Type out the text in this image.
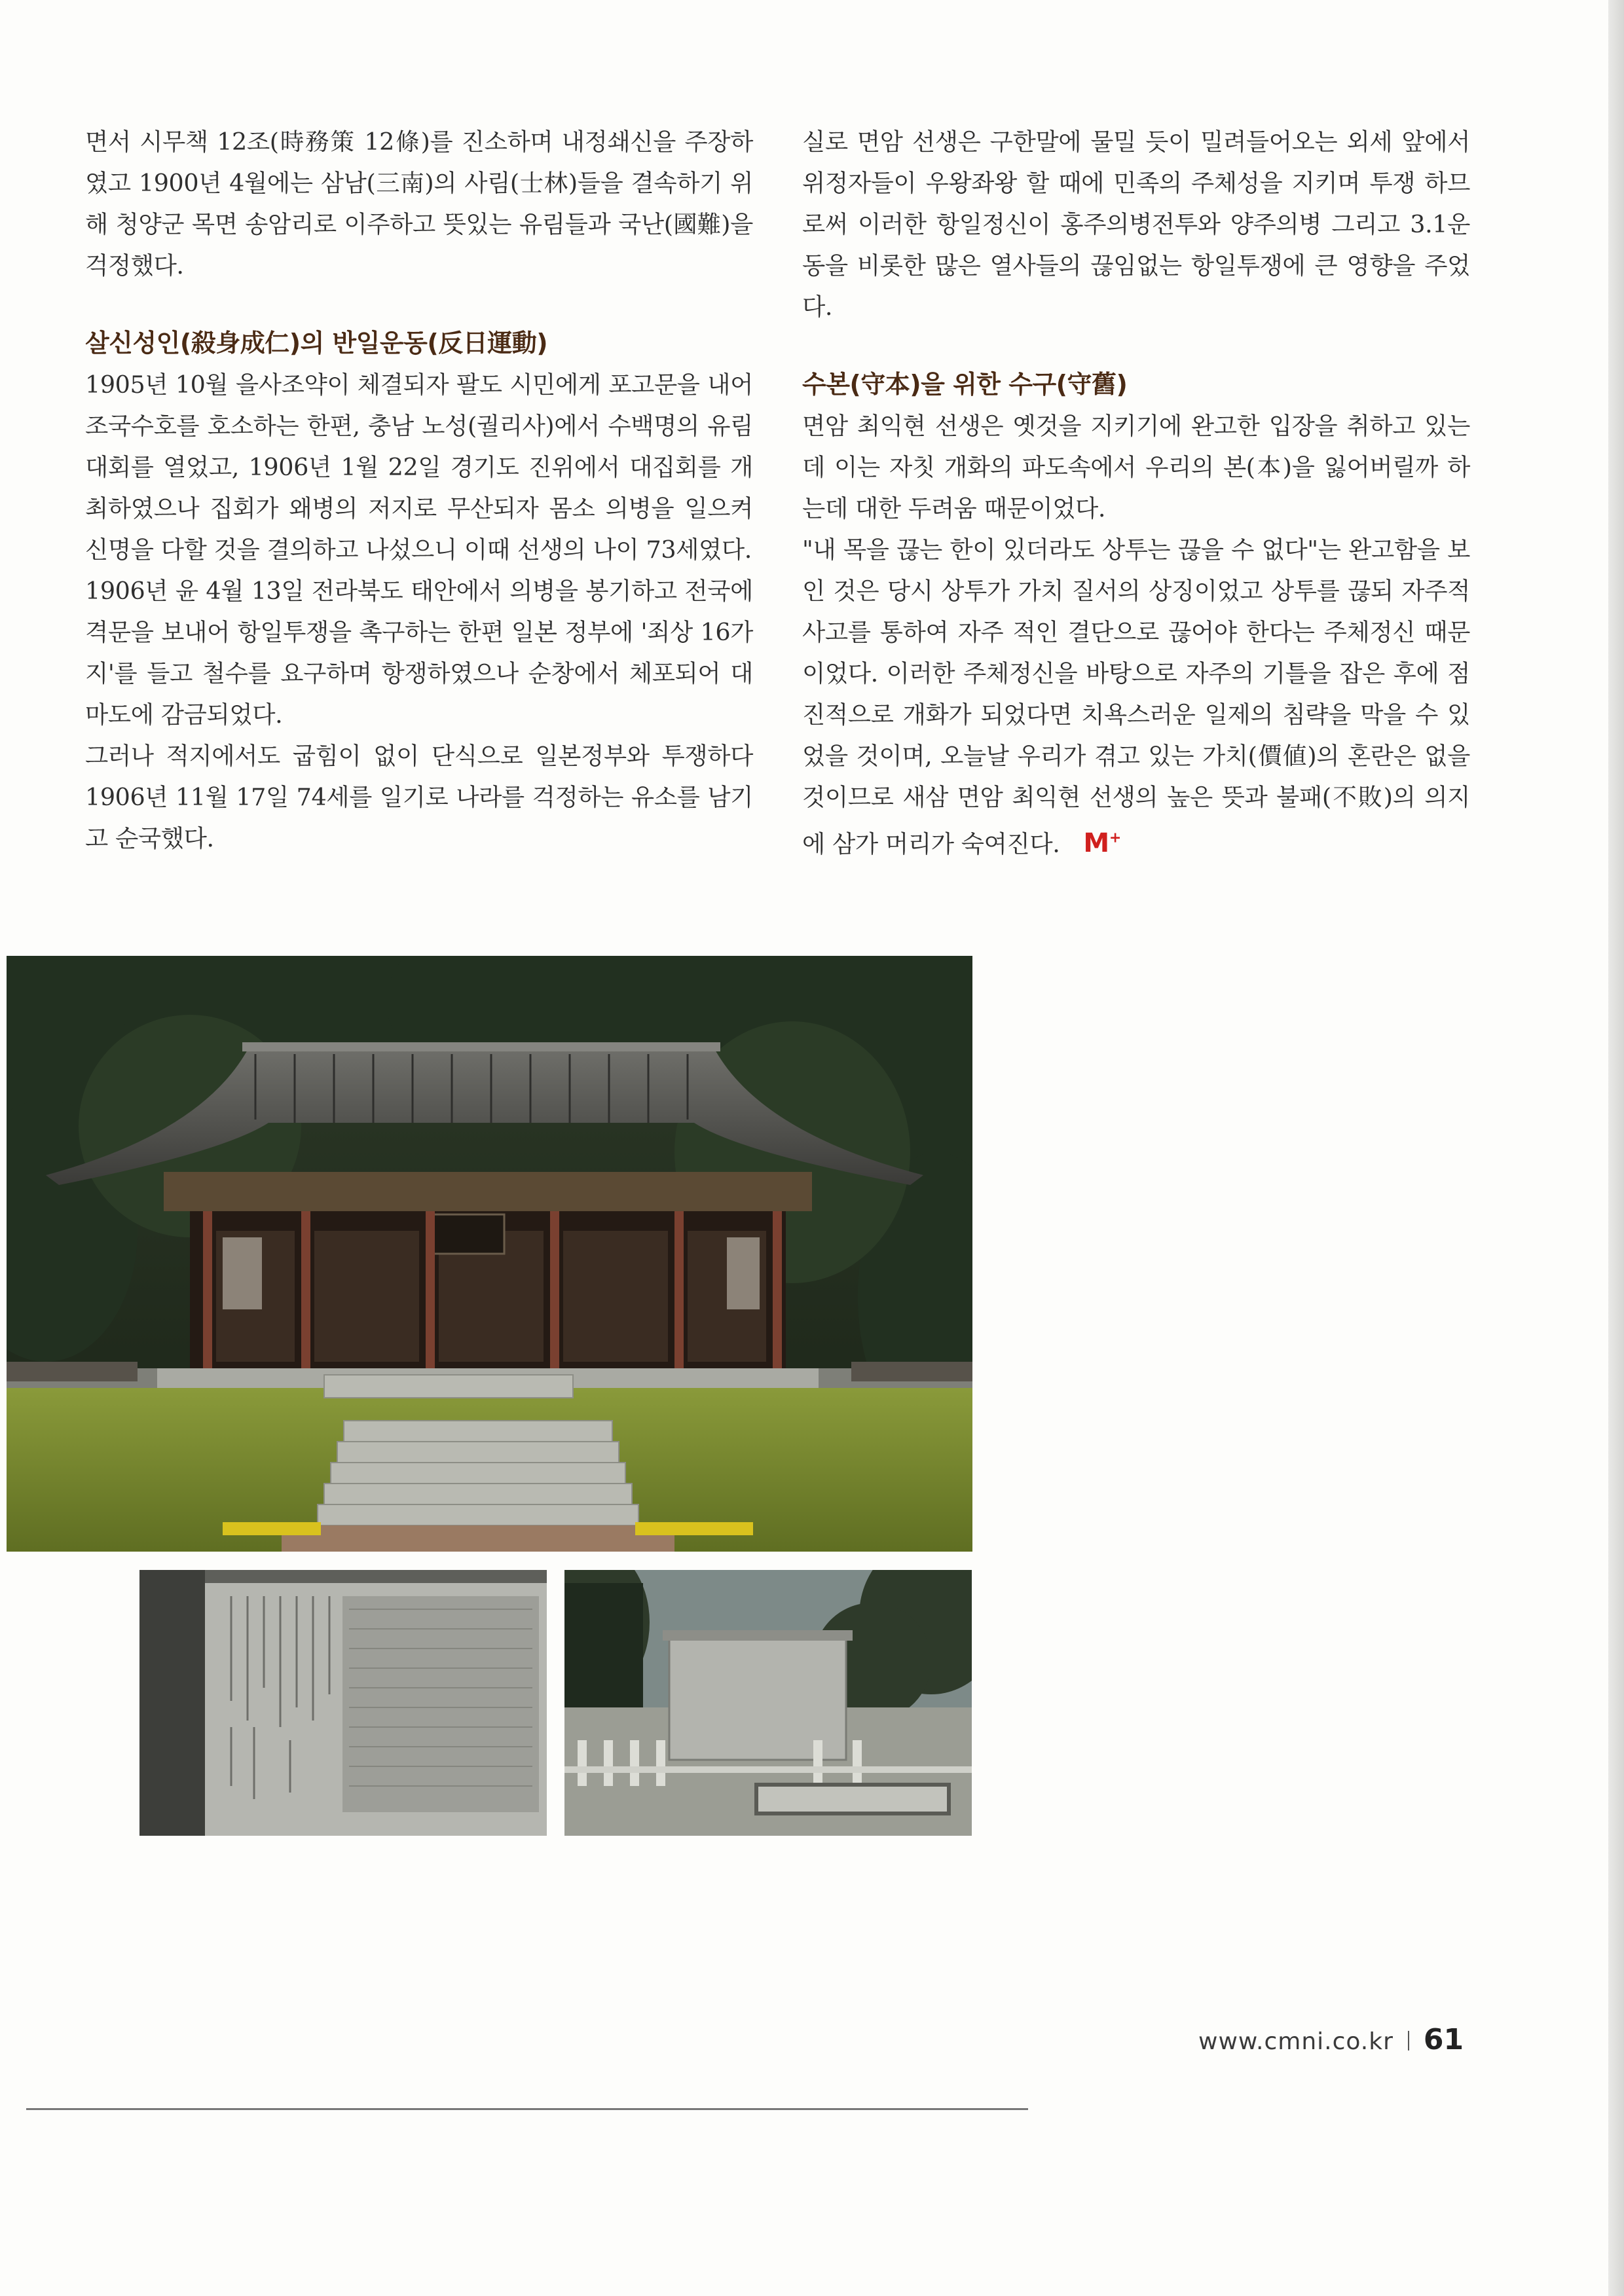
면서 시무책 12조(時務策 12條)를 진소하며 내정쇄신을 주장하였고 1900년 4월에는 삼남(三南)의 사림(士林)들을 결속하기 위해 청양군 목면 송암리로 이주하고 뜻있는 유림들과 국난(國難)을 걱정했다.

살신성인(殺身成仁)의 반일운동(反日運動)

1905년 10월 을사조약이 체결되자 팔도 시민에게 포고문을 내어 조국수호를 호소하는 한편, 충남 노성(궐리사)에서 수백명의 유림대회를 열었고, 1906년 1월 22일 경기도 진위에서 대집회를 개최하였으나 집회가 왜병의 저지로 무산되자 몸소 의병을 일으켜 신명을 다할 것을 결의하고 나섰으니 이때 선생의 나이 73세였다.

1906년 윤 4월 13일 전라북도 태안에서 의병을 봉기하고 전국에 격문을 보내어 항일투쟁을 촉구하는 한편 일본 정부에 '죄상 16가지'를 들고 철수를 요구하며 항쟁하였으나 순창에서 체포되어 대마도에 감금되었다.

그러나 적지에서도 굽힘이 없이 단식으로 일본정부와 투쟁하다 1906년 11월 17일 74세를 일기로 나라를 걱정하는 유소를 남기고 순국했다.

실로 면암 선생은 구한말에 물밀 듯이 밀려들어오는 외세 앞에서 위정자들이 우왕좌왕 할 때에 민족의 주체성을 지키며 투쟁 하므로써 이러한 항일정신이 홍주의병전투와 양주의병 그리고 3.1운동을 비롯한 많은 열사들의 끊임없는 항일투쟁에 큰 영향을 주었다.

수본(守本)을 위한 수구(守舊)

면암 최익현 선생은 옛것을 지키기에 완고한 입장을 취하고 있는데 이는 자칫 개화의 파도속에서 우리의 본(本)을 잃어버릴까 하는데 대한 두려움 때문이었다.

"내 목을 끊는 한이 있더라도 상투는 끊을 수 없다"는 완고함을 보인 것은 당시 상투가 가치 질서의 상징이었고 상투를 끊되 자주적 사고를 통하여 자주 적인 결단으로 끊어야 한다는 주체정신 때문이었다. 이러한 주체정신을 바탕으로 자주의 기틀을 잡은 후에 점진적으로 개화가 되었다면 치욕스러운 일제의 침략을 막을 수 있었을 것이며, 오늘날 우리가 겪고 있는 가치(價値)의 혼란은 없을 것이므로 새삼 면암 최익현 선생의 높은 뜻과 불패(不敗)의 의지에 삼가 머리가 숙여진다. M+

www.cmni.co.kr 61
